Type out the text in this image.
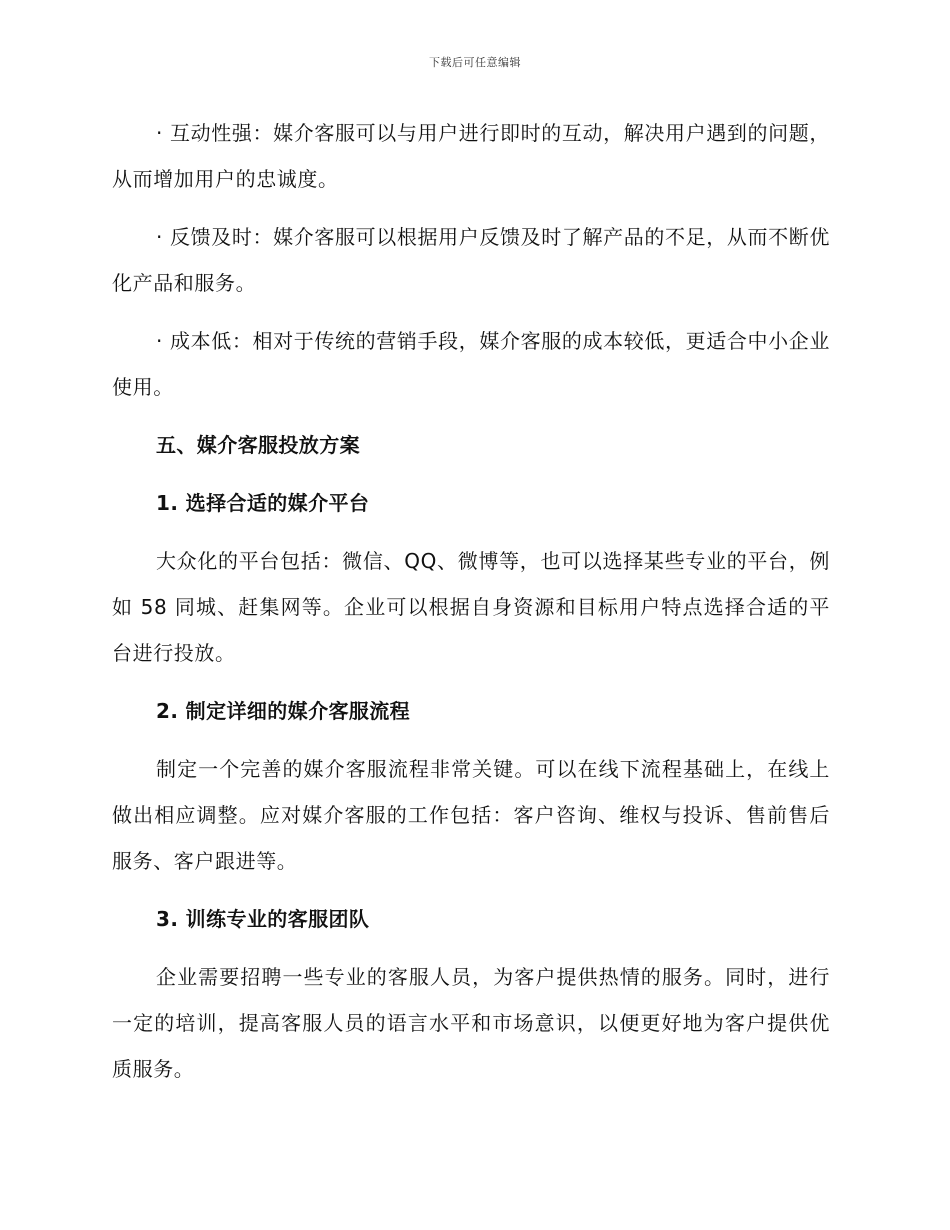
下载后可任意编辑

· 互动性强：媒介客服可以与用户进行即时的互动，解决用户遇到的问题，从而增加用户的忠诚度。

· 反馈及时：媒介客服可以根据用户反馈及时了解产品的不足，从而不断优化产品和服务。

· 成本低：相对于传统的营销手段，媒介客服的成本较低，更适合中小企业使用。

五、媒介客服投放方案
1. 选择合适的媒介平台

大众化的平台包括：微信、QQ、微博等，也可以选择某些专业的平台，例如 58 同城、赶集网等。企业可以根据自身资源和目标用户特点选择合适的平台进行投放。

2. 制定详细的媒介客服流程

制定一个完善的媒介客服流程非常关键。可以在线下流程基础上，在线上做出相应调整。应对媒介客服的工作包括：客户咨询、维权与投诉、售前售后服务、客户跟进等。

3. 训练专业的客服团队

企业需要招聘一些专业的客服人员，为客户提供热情的服务。同时，进行一定的培训，提高客服人员的语言水平和市场意识，以便更好地为客户提供优质服务。
